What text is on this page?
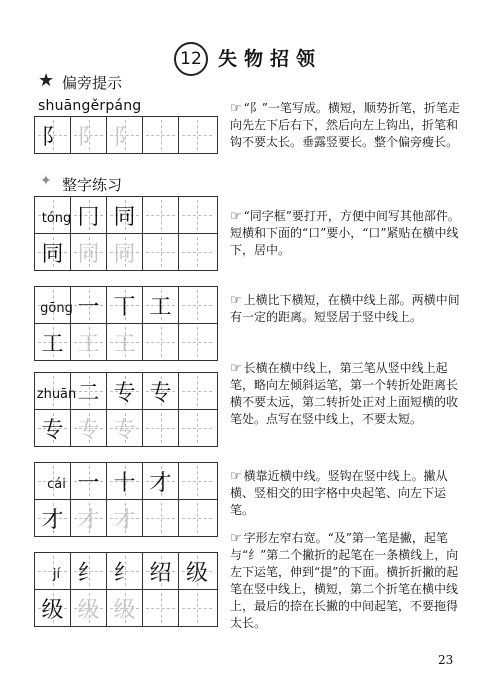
12 失物招领
★ 偏旁提示
shuāngěrpáng
阝 阝 阝
☞ “阝”一笔写成。横短，顺势折笔，折笔走向先左下后右下，然后向左上钩出，折笔和钩不要太长。垂露竖要长。整个偏旁瘦长。
✦ 整字练习
tóng 冂 同
同 同 同
☞ “同字框”要打开，方便中间写其他部件。短横和下面的“口”要小，“口”紧贴在横中线下，居中。
gōng 一 丅 工
工 工 工
☞ 上横比下横短，在横中线上部。两横中间有一定的距离。短竖居于竖中线上。
zhuān 二 专 专
专 专 专
☞ 长横在横中线上，第三笔从竖中线上起笔，略向左倾斜运笔，第一个转折处距离长横不要太远，第二转折处正对上面短横的收笔处。点写在竖中线上，不要太短。
cái 一 十 才
才 才 才
☞ 横靠近横中线。竖钩在竖中线上。撇从横、竖相交的田字格中央起笔、向左下运笔。
jí 纟 纟 绍 级
级 级 级
☞ 字形左窄右宽。“及”第一笔是撇，起笔与“纟”第二个撇折的起笔在一条横线上，向左下运笔，伸到“提”的下面。横折折撇的起笔在竖中线上，横短，第二个折笔在横中线上，最后的捺在长撇的中间起笔，不要拖得太长。
23
